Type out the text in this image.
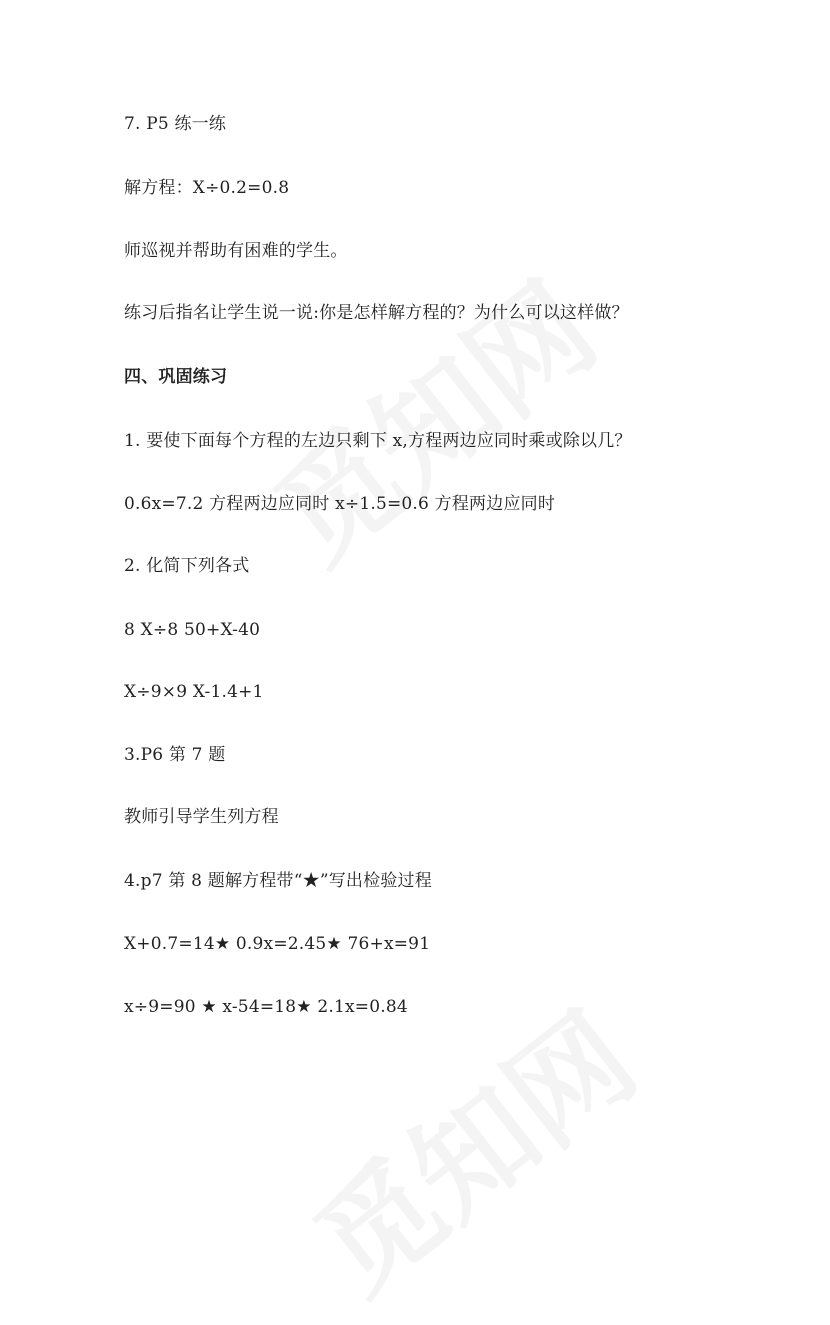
7. P5 练一练
解方程：X÷0.2=0.8
师巡视并帮助有困难的学生。
练习后指名让学生说一说:你是怎样解方程的？为什么可以这样做？
四、巩固练习
1. 要使下面每个方程的左边只剩下 x,方程两边应同时乘或除以几？
0.6x=7.2 方程两边应同时 x÷1.5=0.6 方程两边应同时
2. 化简下列各式
8 X÷8 50+X-40
X÷9×9 X-1.4+1
3.P6 第 7 题
教师引导学生列方程
4.p7 第 8 题解方程带“★”写出检验过程
X+0.7=14★ 0.9x=2.45★ 76+x=91
x÷9=90 ★ x-54=18★ 2.1x=0.84
